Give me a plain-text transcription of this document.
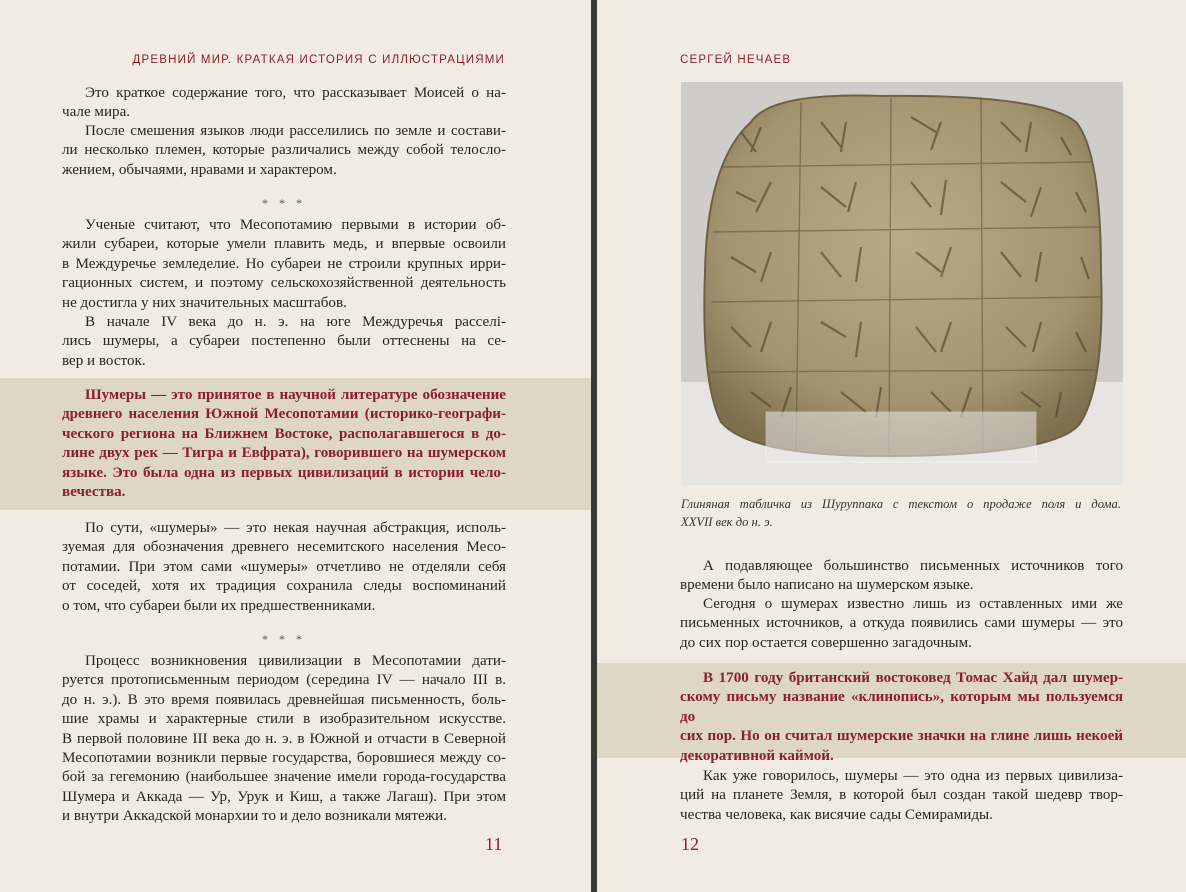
ДРЕВНИЙ МИР. КРАТКАЯ ИСТОРИЯ С ИЛЛЮСТРАЦИЯМИ
Это краткое содержание того, что рассказывает Моисей о на-
чале мира.
После смешения языков люди расселились по земле и состави-
ли несколько племен, которые различались между собой телосло-
жением, обычаями, нравами и характером.
* * *
Ученые считают, что Месопотамию первыми в истории об-
жили субареи, которые умели плавить медь, и впервые освоили
в Междуречье земледелие. Но субареи не строили крупных ирри-
гационных систем, и поэтому сельскохозяйственной деятельность
не достигла у них значительных масштабов.
В начале IV века до н. э. на юге Междуречья расселі-
лись шумеры, а субареи постепенно были оттеснены на се-
вер и восток.
Шумеры — это принятое в научной литературе обозначение
древнего населения Южной Месопотамии (историко-географи-
ческого региона на Ближнем Востоке, располагавшегося в до-
лине двух рек — Тигра и Евфрата), говорившего на шумерском
языке. Это была одна из первых цивилизаций в истории чело-
вечества.
По сути, «шумеры» — это некая научная абстракция, исполь-
зуемая для обозначения древнего несемитского населения Месо-
потамии. При этом сами «шумеры» отчетливо не отделяли себя
от соседей, хотя их традиция сохранила следы воспоминаний
о том, что субареи были их предшественниками.
* * *
Процесс возникновения цивилизации в Месопотамии дати-
руется протописьменным периодом (середина IV — начало III в.
до н. э.). В это время появилась древнейшая письменность, боль-
шие храмы и характерные стили в изобразительном искусстве.
В первой половине III века до н. э. в Южной и отчасти в Северной
Месопотамии возникли первые государства, боровшиеся между со-
бой за гегемонию (наибольшее значение имели города-государства
Шумера и Аккада — Ур, Урук и Киш, а также Лагаш). При этом
и внутри Аккадской монархии то и дело возникали мятежи.
11
СЕРГЕЙ НЕЧАЕВ
Глиняная табличка из Шуруппака с текстом о продаже поля и дома.
XXVII век до н. э.
А подавляющее большинство письменных источников того
времени было написано на шумерском языке.
Сегодня о шумерах известно лишь из оставленных ими же
письменных источников, а откуда появились сами шумеры — это
до сих пор остается совершенно загадочным.
В 1700 году британский востоковед Томас Хайд дал шумер-
скому письму название «клинопись», которым мы пользуемся до
сих пор. Но он считал шумерские значки на глине лишь некоей
декоративной каймой.
Как уже говорилось, шумеры — это одна из первых цивилиза-
ций на планете Земля, в которой был создан такой шедевр твор-
чества человека, как висячие сады Семирамиды.
12
